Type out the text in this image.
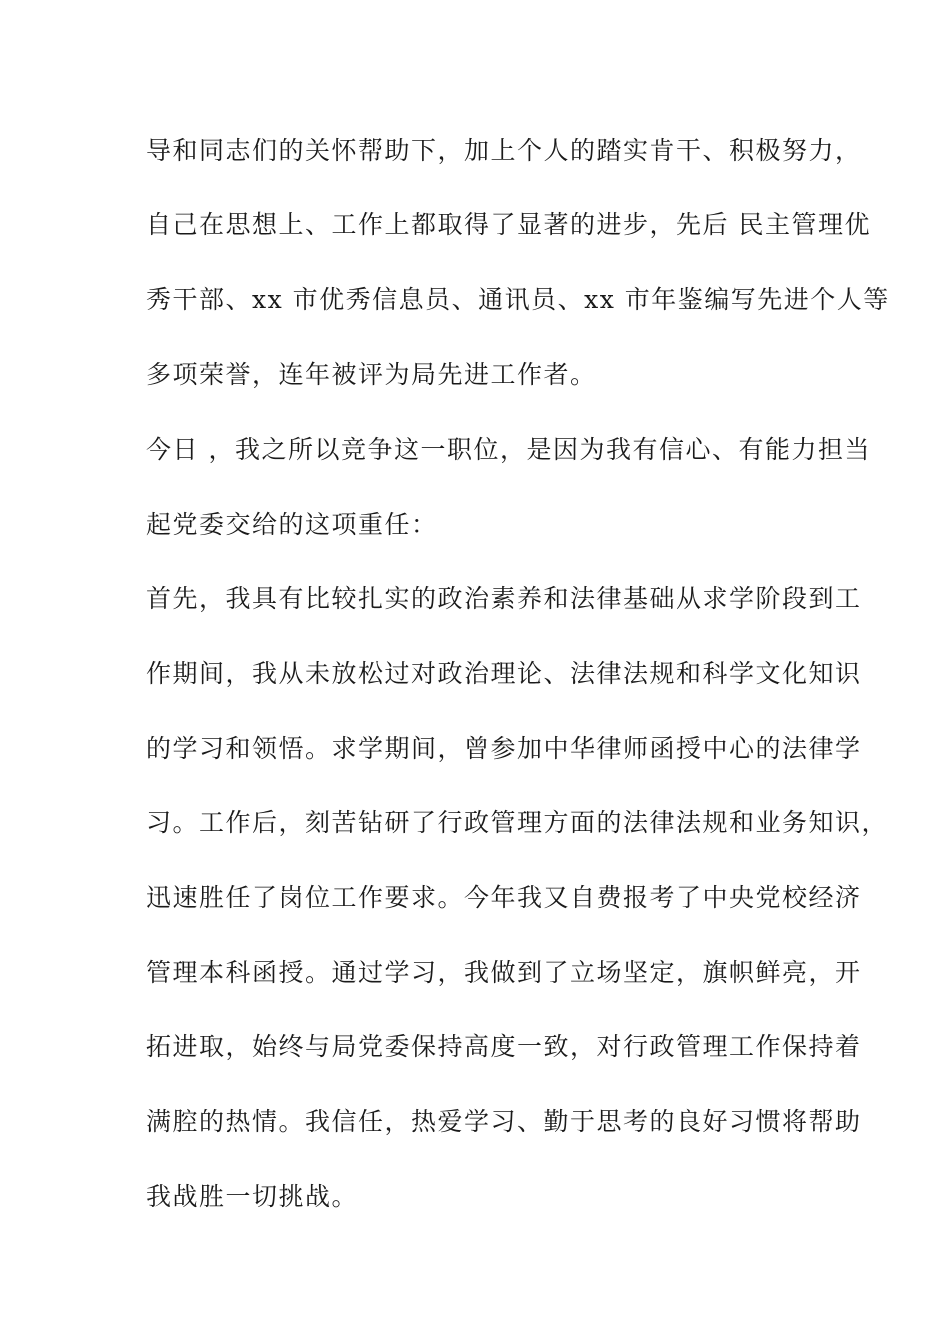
导和同志们的关怀帮助下，加上个人的踏实肯干、积极努力，
自己在思想上、工作上都取得了显著的进步，先后 民主管理优
秀干部、xx 市优秀信息员、通讯员、xx 市年鉴编写先进个人等
多项荣誉，连年被评为局先进工作者。
今日 ，我之所以竞争这一职位，是因为我有信心、有能力担当
起党委交给的这项重任：
首先，我具有比较扎实的政治素养和法律基础从求学阶段到工
作期间，我从未放松过对政治理论、法律法规和科学文化知识
的学习和领悟。求学期间，曾参加中华律师函授中心的法律学
习。工作后，刻苦钻研了行政管理方面的法律法规和业务知识，
迅速胜任了岗位工作要求。今年我又自费报考了中央党校经济
管理本科函授。通过学习，我做到了立场坚定，旗帜鲜亮，开
拓进取，始终与局党委保持高度一致，对行政管理工作保持着
满腔的热情。我信任，热爱学习、勤于思考的良好习惯将帮助
我战胜一切挑战。
